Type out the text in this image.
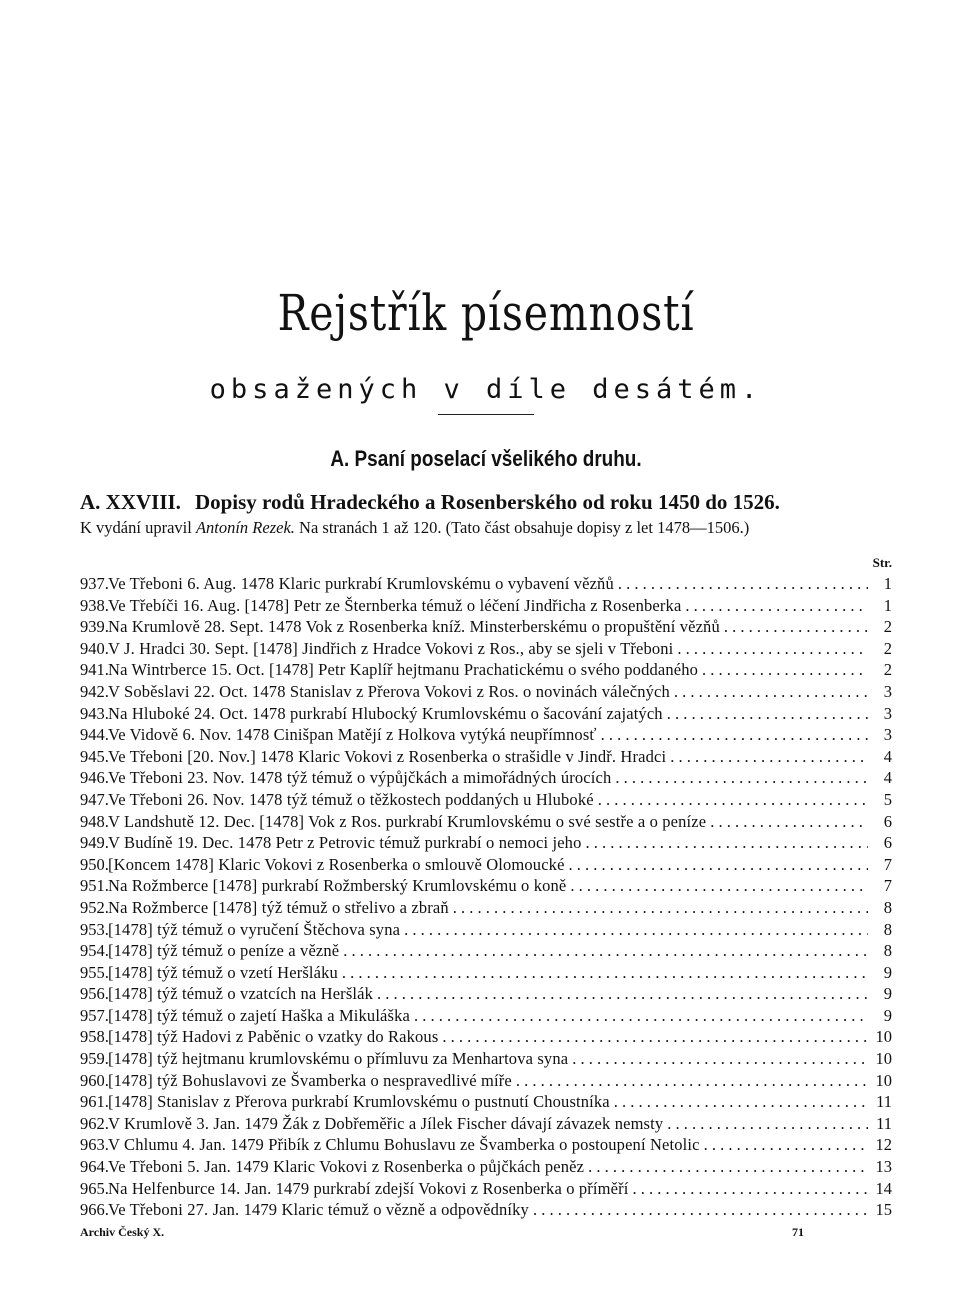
Rejstřík písemností
obsažených v díle desátém.
A. Psaní poselací všelikého druhu.
A. XXVIII. Dopisy rodů Hradeckého a Rosenberského od roku 1450 do 1526.
K vydání upravil Antonín Rezek. Na stranách 1 až 120. (Tato část obsahuje dopisy z let 1478—1506.)
Str.
937. Ve Třeboni 6. Aug. 1478 Klaric purkrabí Krumlovskému o vybavení vězňů . . .	1
938. Ve Třebíči 16. Aug. [1478] Petr ze Šternberka témuž o léčení Jindřicha z Rosenberka . . .	1
939. Na Krumlově 28. Sept. 1478 Vok z Rosenberka kníž. Minsterberskému o propuštění vězňů . . .	2
940. V J. Hradci 30. Sept. [1478] Jindřich z Hradce Vokovi z Ros., aby se sjeli v Třeboni . . .	2
941. Na Wintrberce 15. Oct. [1478] Petr Kaplíř hejtmanu Prachatickému o svého poddaného . . .	2
942. V Soběslavi 22. Oct. 1478 Stanislav z Přerova Vokovi z Ros. o novinách válečných . . .	3
943. Na Hluboké 24. Oct. 1478 purkrabí Hlubocký Krumlovskému o šacování zajatých . . .	3
944. Ve Vidově 6. Nov. 1478 Cinišpan Matějí z Holkova vytýká neupřímnosť . . .	3
945. Ve Třeboni [20. Nov.] 1478 Klaric Vokovi z Rosenberka o strašidle v Jindř. Hradci . . .	4
946. Ve Třeboni 23. Nov. 1478 týž témuž o výpůjčkách a mimořádných úrocích . . .	4
947. Ve Třeboni 26. Nov. 1478 týž témuž o těžkostech poddaných u Hluboké . . .	5
948. V Landshutě 12. Dec. [1478] Vok z Ros. purkrabí Krumlovskému o své sestře a o peníze . . .	6
949. V Budíně 19. Dec. 1478 Petr z Petrovic témuž purkrabí o nemoci jeho . . .	6
950. [Koncem 1478] Klaric Vokovi z Rosenberka o smlouvě Olomoucké . . .	7
951. Na Rožmberce [1478] purkrabí Rožmberský Krumlovskému o koně . . .	7
952. Na Rožmberce [1478] týž témuž o střelivo a zbraň . . .	8
953. [1478] týž témuž o vyručení Štěchova syna . . .	8
954. [1478] týž témuž o peníze a vězně . . .	8
955. [1478] týž témuž o vzetí Heršláku . . .	9
956. [1478] týž témuž o vzatcích na Heršlák . . .	9
957. [1478] týž témuž o zajetí Haška a Mikuláška . . .	9
958. [1478] týž Hadovi z Paběnic o vzatky do Rakous . . .	10
959. [1478] týž hejtmanu krumlovskému o přímluvu za Menhartova syna . . .	10
960. [1478] týž Bohuslavovi ze Švamberka o nespravedlivé míře . . .	10
961. [1478] Stanislav z Přerova purkrabí Krumlovskému o pustnutí Choustníka . . .	11
962. V Krumlově 3. Jan. 1479 Žák z Dobřeměřic a Jílek Fischer dávají závazek nemsty . . .	11
963. V Chlumu 4. Jan. 1479 Přibík z Chlumu Bohuslavu ze Švamberka o postoupení Netolic . . .	12
964. Ve Třeboni 5. Jan. 1479 Klaric Vokovi z Rosenberka o půjčkách peněz . . .	13
965. Na Helfenburce 14. Jan. 1479 purkrabí zdejší Vokovi z Rosenberka o příměří . . .	14
966. Ve Třeboni 27. Jan. 1479 Klaric témuž o vězně a odpovědníky . . .	15
Archiv Český X.	71
